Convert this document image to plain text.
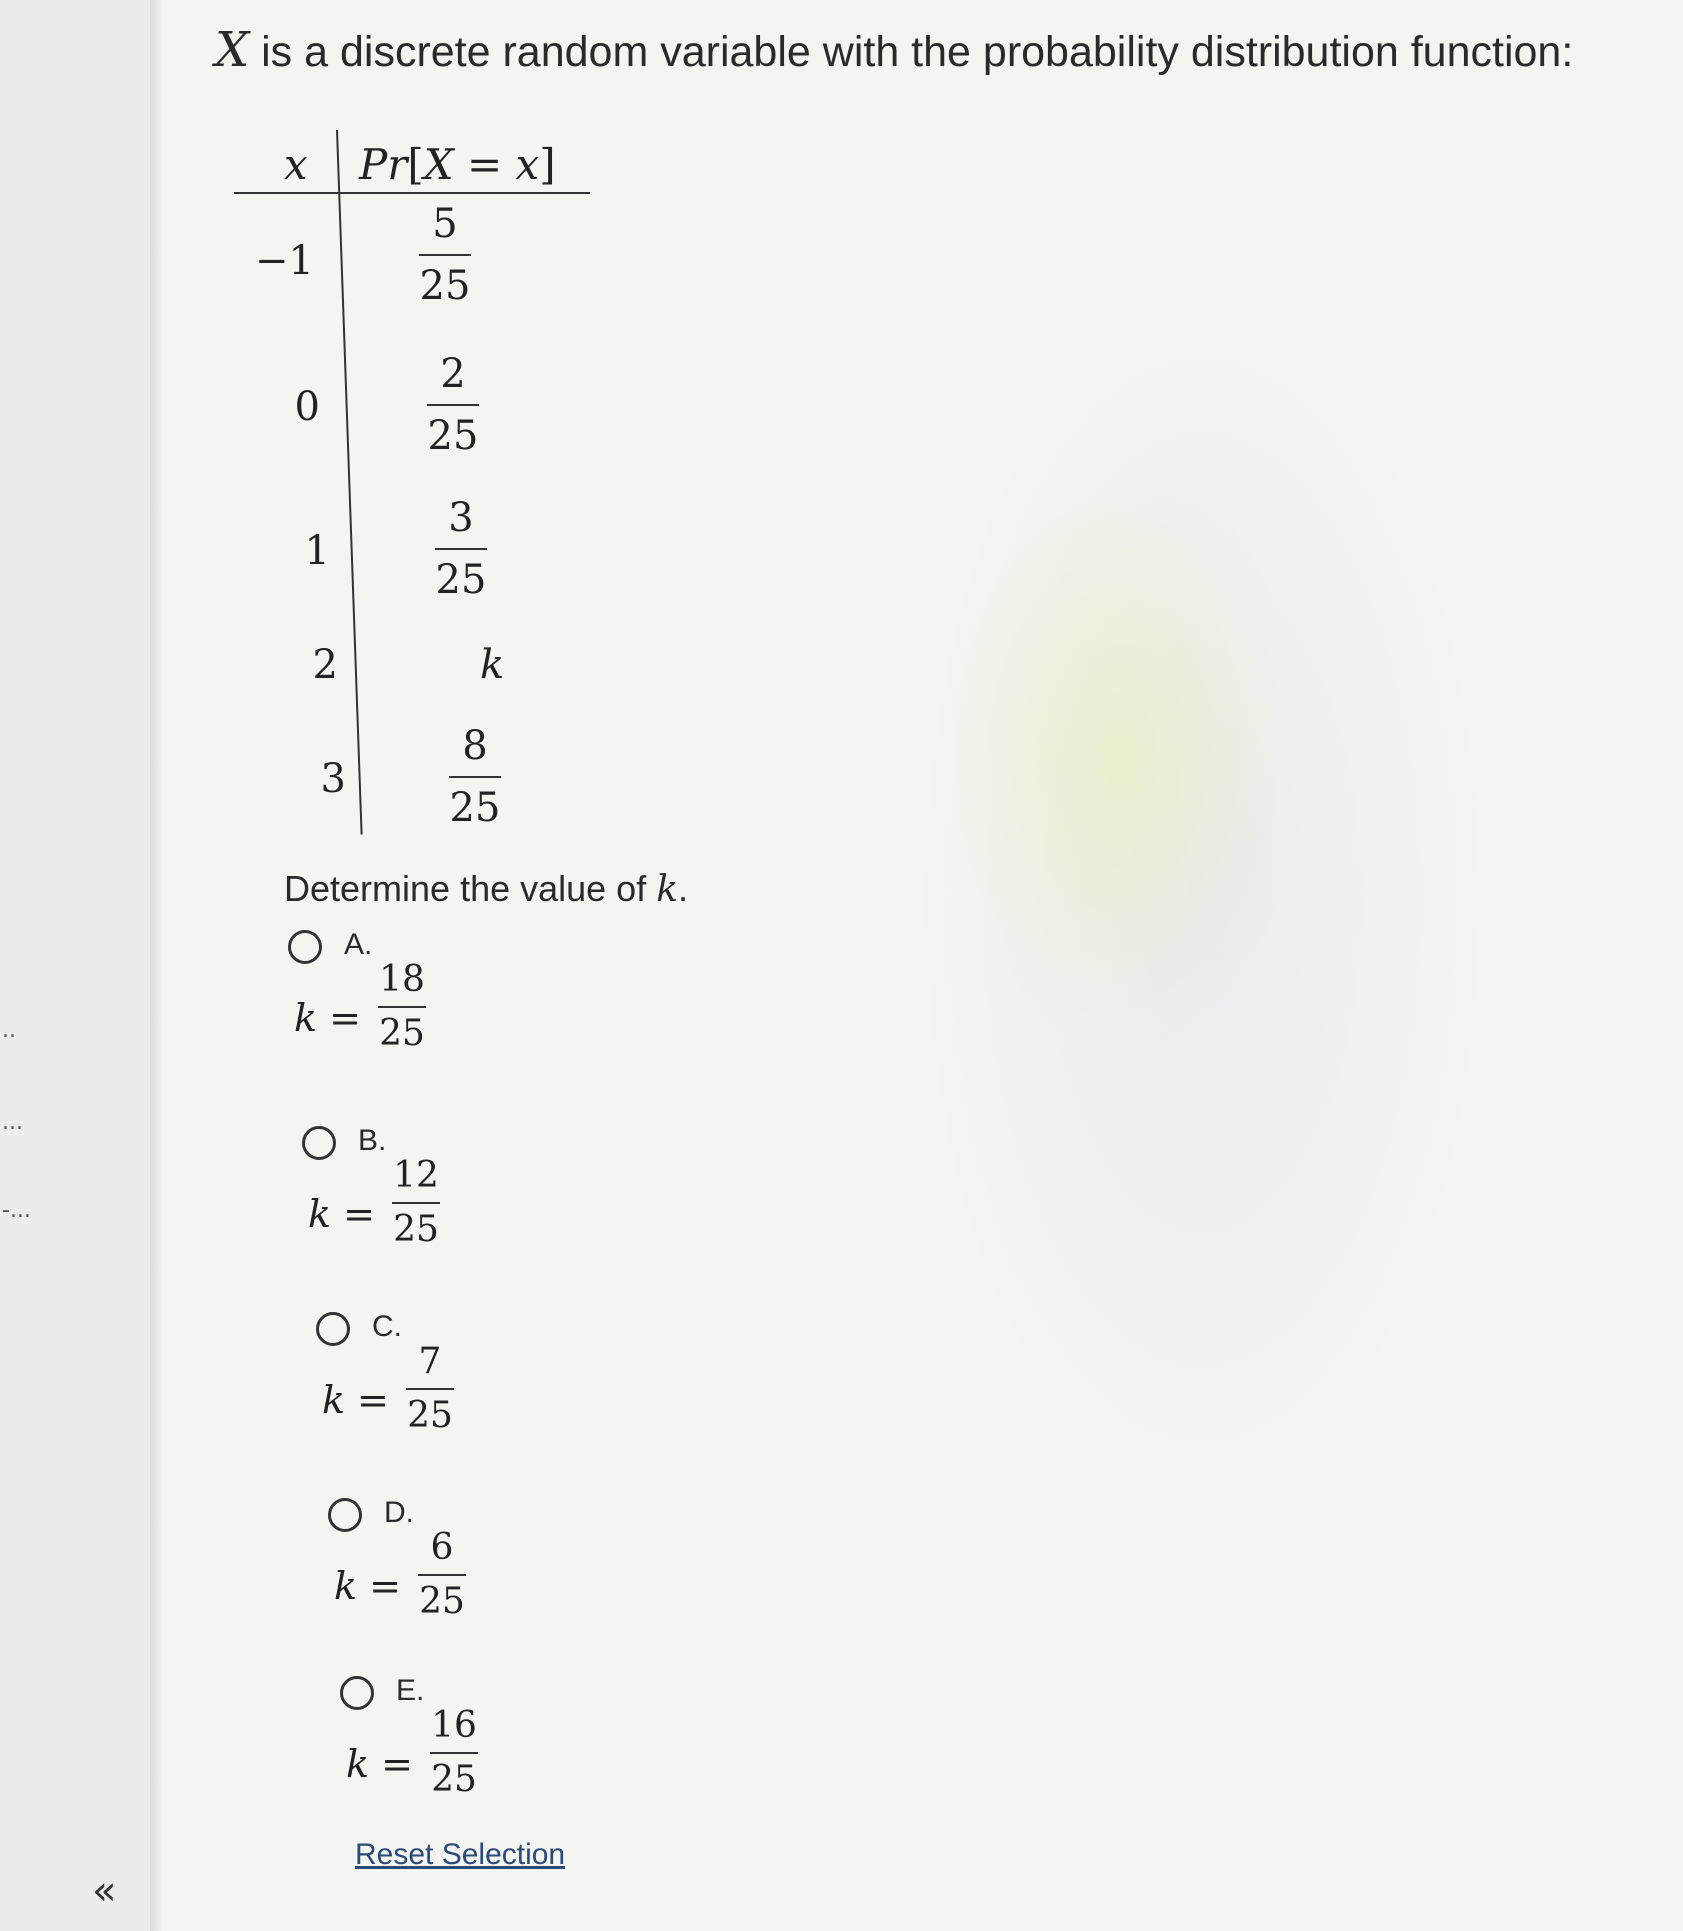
..
...
-...
«
X is a discrete random variable with the probability distribution function:
x Pr[X = x]
−1
5
25
0
2
25
1
3
25
2	k
3
8
25
Determine the value of k.
A.
k =
18
25
B.
k =
12
25
C.
k =
7
25
D.
k =
6
25
E.
k =
16
25
Reset Selection
